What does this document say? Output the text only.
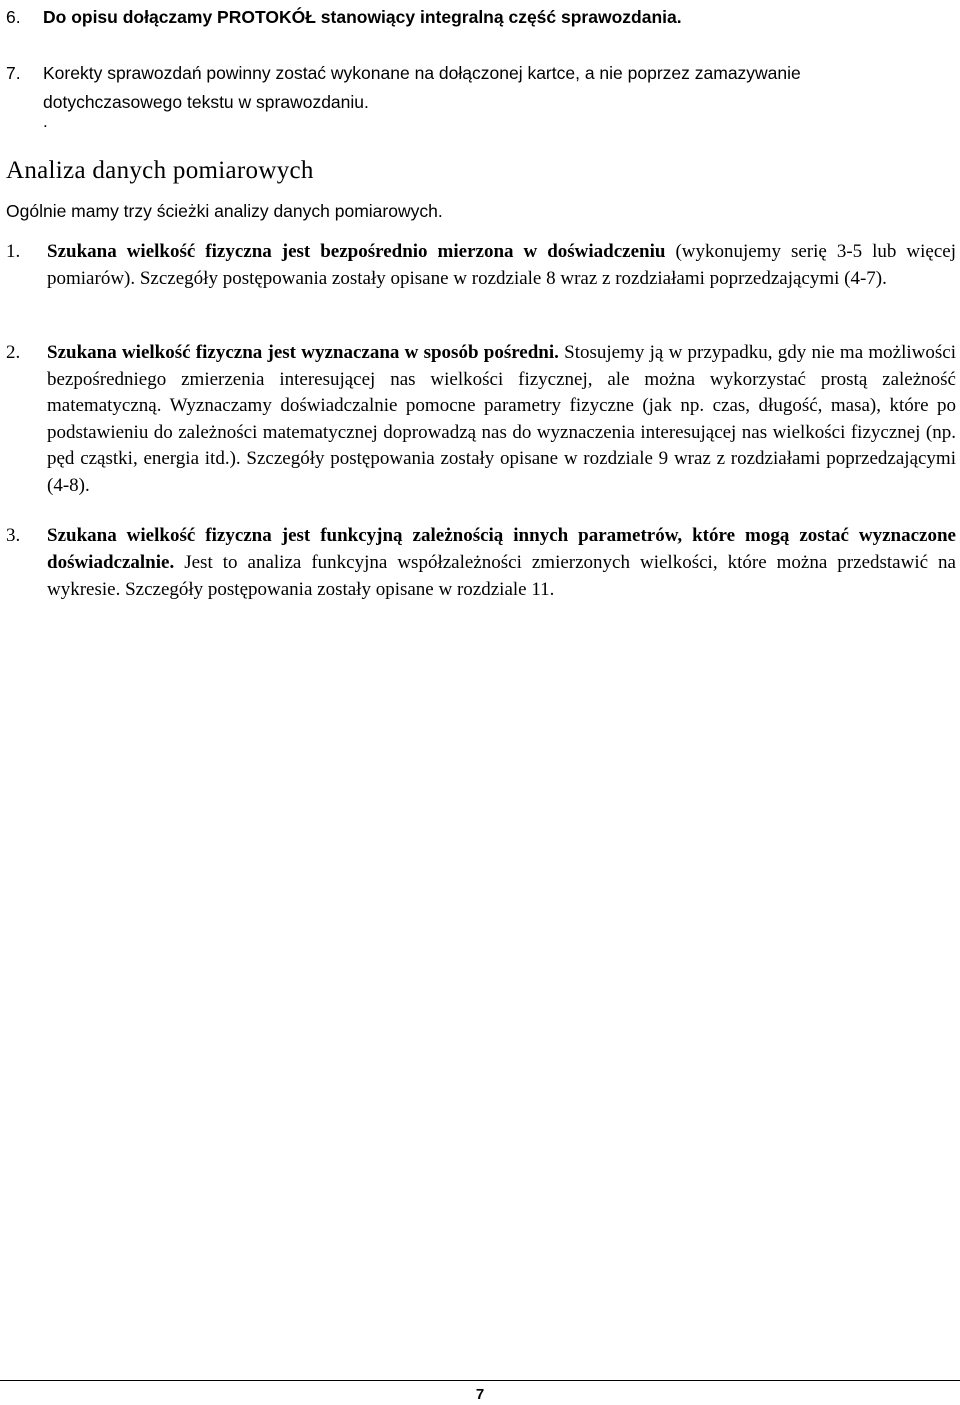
6. Do opisu dołączamy PROTOKÓŁ stanowiący integralną część sprawozdania.
7. Korekty sprawozdań powinny zostać wykonane na dołączonej kartce, a nie poprzez zamazywanie
dotychczasowego tekstu w sprawozdaniu.
.
Analiza danych pomiarowych

Ogólnie mamy trzy ścieżki analizy danych pomiarowych.

1. Szukana wielkość fizyczna jest bezpośrednio mierzona w doświadczeniu (wykonujemy serię 3-5 lub więcej pomiarów). Szczegóły postępowania zostały opisane w rozdziale 8 wraz z rozdziałami poprzedzającymi (4-7).

2. Szukana wielkość fizyczna jest wyznaczana w sposób pośredni. Stosujemy ją w przypadku, gdy nie ma możliwości bezpośredniego zmierzenia interesującej nas wielkości fizycznej, ale można wykorzystać prostą zależność matematyczną. Wyznaczamy doświadczalnie pomocne parametry fizyczne (jak np. czas, długość, masa), które po podstawieniu do zależności matematycznej doprowadzą nas do wyznaczenia interesującej nas wielkości fizycznej (np. pęd cząstki, energia itd.). Szczegóły postępowania zostały opisane w rozdziale 9 wraz z rozdziałami poprzedzającymi (4-8).

3. Szukana wielkość fizyczna jest funkcyjną zależnością innych parametrów, które mogą zostać wyznaczone doświadczalnie. Jest to analiza funkcyjna współzależności zmierzonych wielkości, które można przedstawić na wykresie. Szczegóły postępowania zostały opisane w rozdziale 11.

7
